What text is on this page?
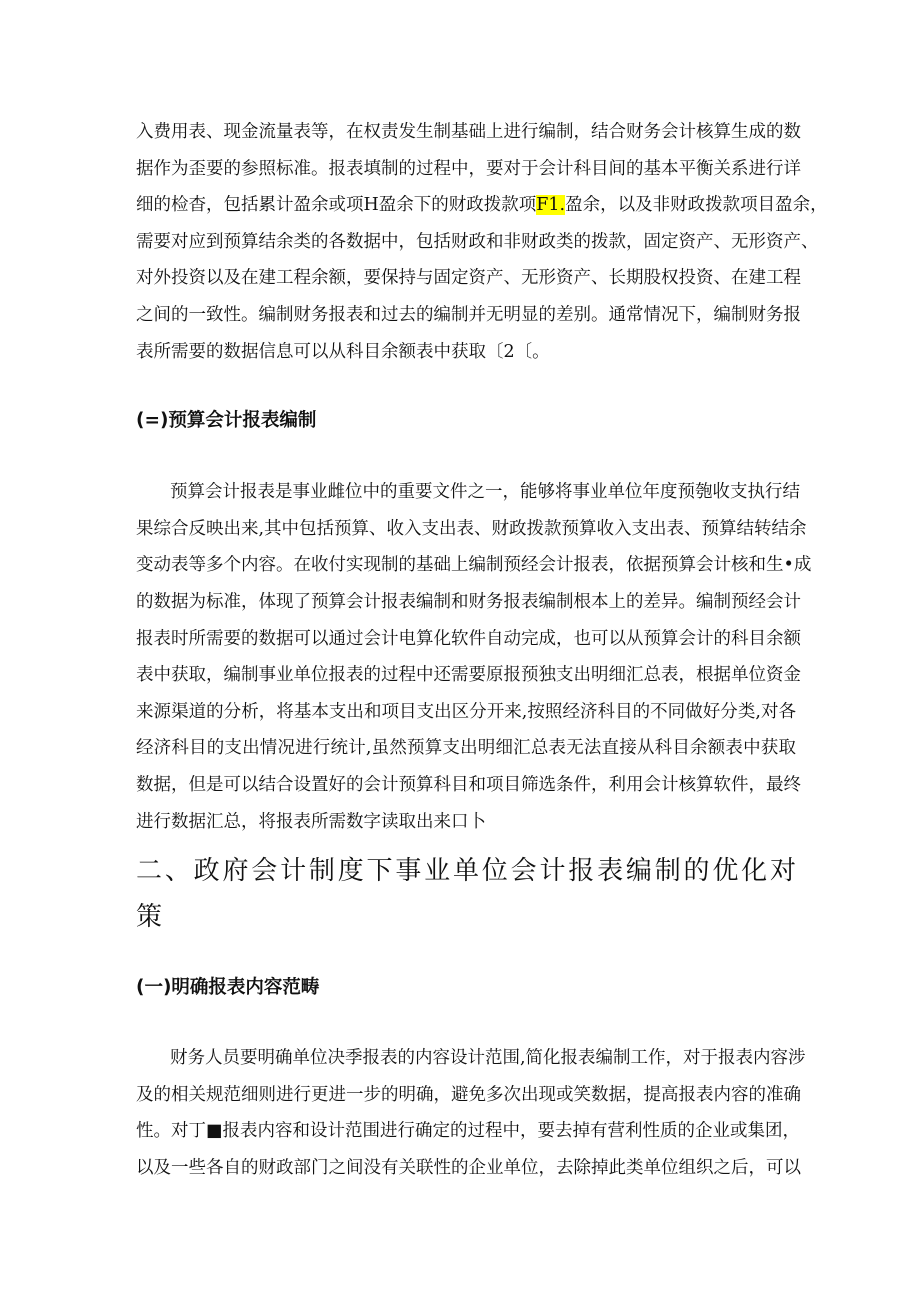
入费用表、现金流量表等，在权责发生制基础上进行编制，结合财务会计核算生成的数
据作为歪要的参照标准。报表填制的过程中，要对于会计科目间的基本平衡关系进行详
细的检杳，包括累计盈余或项H盈余下的财政拨款项F1.盈余，以及非财政拨款项目盈余，
需要对应到预算结余类的各数据中，包括财政和非财政类的拨款，固定资产、无形资产、
对外投资以及在建工程余额，要保持与固定资产、无形资产、长期股权投资、在建工程
之间的一致性。编制财务报表和过去的编制并无明显的差别。通常情况下，编制财务报
表所需要的数据信息可以从科目余额表中获取〔2〔。
(=)预算会计报表编制
预算会计报表是事业雌位中的重要文件之一，能够将事业单位年度预匏收支执行结
果综合反映出来,其中包括预算、收入支出表、财政拨款预算收入支出表、预算结转结余
变动表等多个内容。在收付实现制的基础上编制预经会计报表，依据预算会计核和生•成
的数据为标准，体现了预算会计报表编制和财务报表编制根本上的差异。编制预经会计
报表时所需要的数据可以通过会计电算化软件自动完成，也可以从预算会计的科目余额
表中获取，编制事业单位报表的过程中还需要原报预独支出明细汇总表，根据单位资金
来源渠道的分析，将基本支出和项目支出区分开来,按照经济科目的不同做好分类,对各
经济科目的支出情况进行统计,虽然预算支出明细汇总表无法直接从科目余额表中获取
数据，但是可以结合设置好的会计预算科目和项目筛选条件，利用会计核算软件，最终
进行数据汇总，将报表所需数字读取出来口卜
二、政府会计制度下事业单位会计报表编制的优化对
策
(一)明确报表内容范畴
财务人员要明确单位决季报表的内容设计范围,简化报表编制工作，对于报表内容涉
及的相关规范细则进行更进一步的明确，避免多次出现或笑数据，提高报表内容的准确
性。对丁■报表内容和设计范围进行确定的过程中，要去掉有营利性质的企业或集团，
以及一些各自的财政部门之间没有关联性的企业单位，去除掉此类单位组织之后，可以
